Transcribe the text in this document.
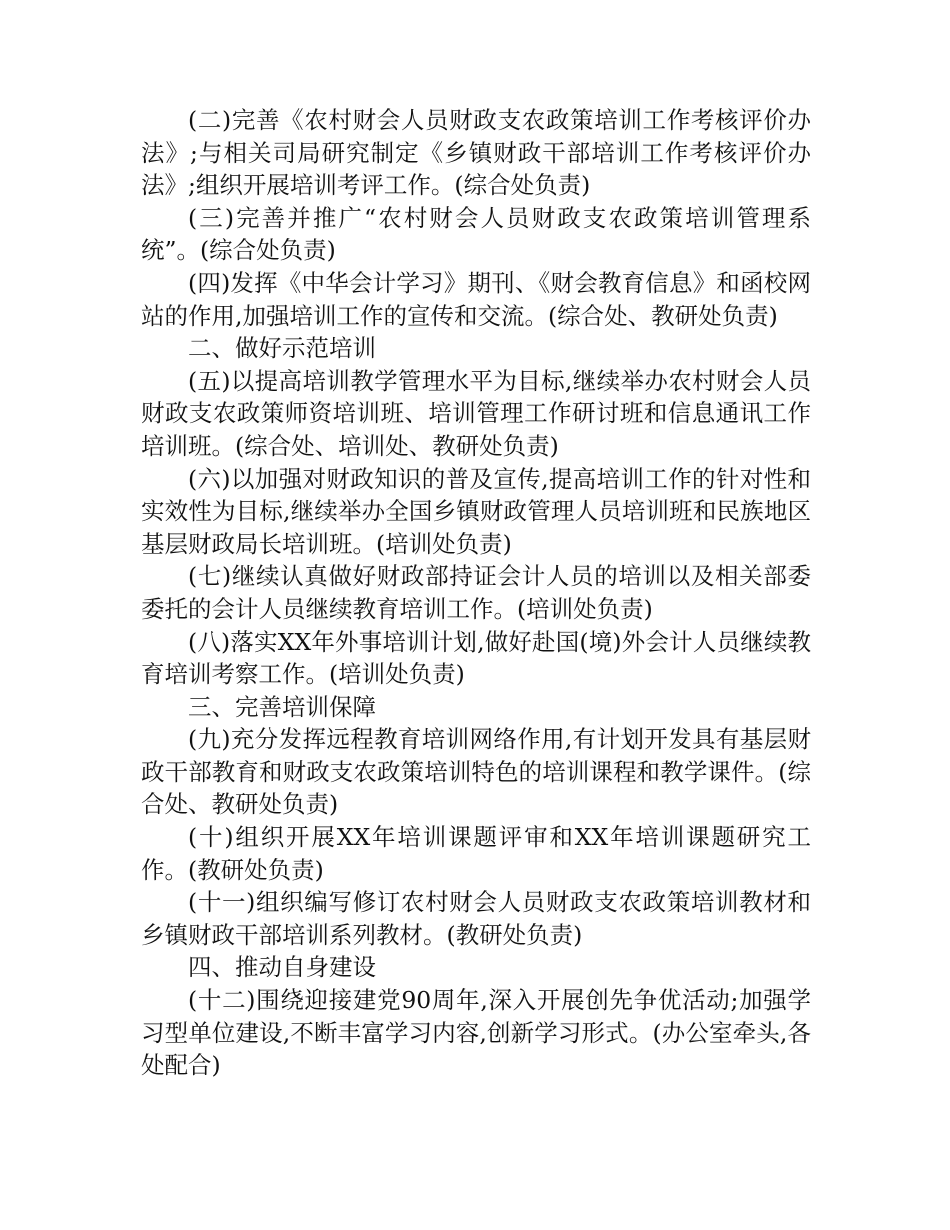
(二)完善《农村财会人员财政支农政策培训工作考核评价办法》;与相关司局研究制定《乡镇财政干部培训工作考核评价办法》;组织开展培训考评工作。(综合处负责)

(三)完善并推广“农村财会人员财政支农政策培训管理系统”。(综合处负责)

(四)发挥《中华会计学习》期刊、《财会教育信息》和函校网站的作用,加强培训工作的宣传和交流。(综合处、教研处负责)

二、做好示范培训

(五)以提高培训教学管理水平为目标,继续举办农村财会人员财政支农政策师资培训班、培训管理工作研讨班和信息通讯工作培训班。(综合处、培训处、教研处负责)

(六)以加强对财政知识的普及宣传,提高培训工作的针对性和实效性为目标,继续举办全国乡镇财政管理人员培训班和民族地区基层财政局长培训班。(培训处负责)

(七)继续认真做好财政部持证会计人员的培训以及相关部委委托的会计人员继续教育培训工作。(培训处负责)

(八)落实XX年外事培训计划,做好赴国(境)外会计人员继续教育培训考察工作。(培训处负责)

三、完善培训保障

(九)充分发挥远程教育培训网络作用,有计划开发具有基层财政干部教育和财政支农政策培训特色的培训课程和教学课件。(综合处、教研处负责)

(十)组织开展XX年培训课题评审和XX年培训课题研究工作。(教研处负责)

(十一)组织编写修订农村财会人员财政支农政策培训教材和乡镇财政干部培训系列教材。(教研处负责)

四、推动自身建设

(十二)围绕迎接建党90周年,深入开展创先争优活动;加强学习型单位建设,不断丰富学习内容,创新学习形式。(办公室牵头,各处配合)
